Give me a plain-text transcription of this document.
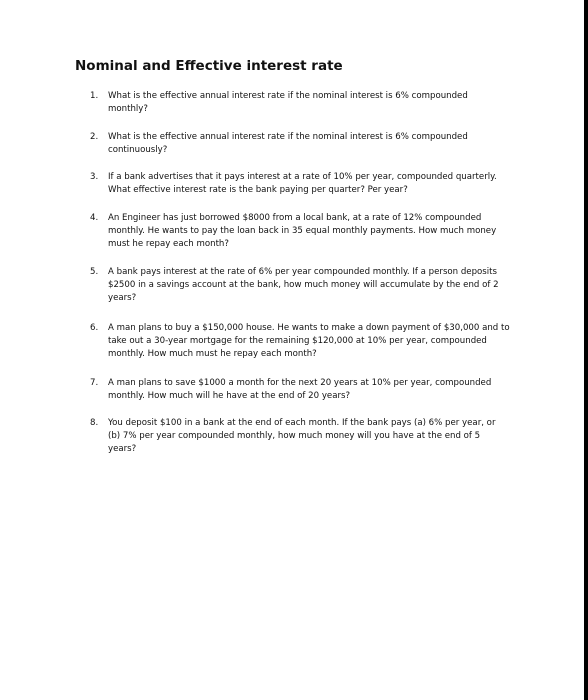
Nominal and Effective interest rate
1.	What is the effective annual interest rate if the nominal interest is 6% compounded monthly?
2.	What is the effective annual interest rate if the nominal interest is 6% compounded continuously?
3.	If a bank advertises that it pays interest at a rate of 10% per year, compounded quarterly. What effective interest rate is the bank paying per quarter? Per year?
4.	An Engineer has just borrowed $8000 from a local bank, at a rate of 12% compounded monthly. He wants to pay the loan back in 35 equal monthly payments. How much money must he repay each month?
5.	A bank pays interest at the rate of 6% per year compounded monthly. If a person deposits $2500 in a savings account at the bank, how much money will accumulate by the end of 2 years?
6.	A man plans to buy a $150,000 house. He wants to make a down payment of $30,000 and to take out a 30-year mortgage for the remaining $120,000 at 10% per year, compounded monthly. How much must he repay each month?
7.	A man plans to save $1000 a month for the next 20 years at 10% per year, compounded monthly. How much will he have at the end of 20 years?
8.	You deposit $100 in a bank at the end of each month. If the bank pays (a) 6% per year, or (b) 7% per year compounded monthly, how much money will you have at the end of 5 years?
